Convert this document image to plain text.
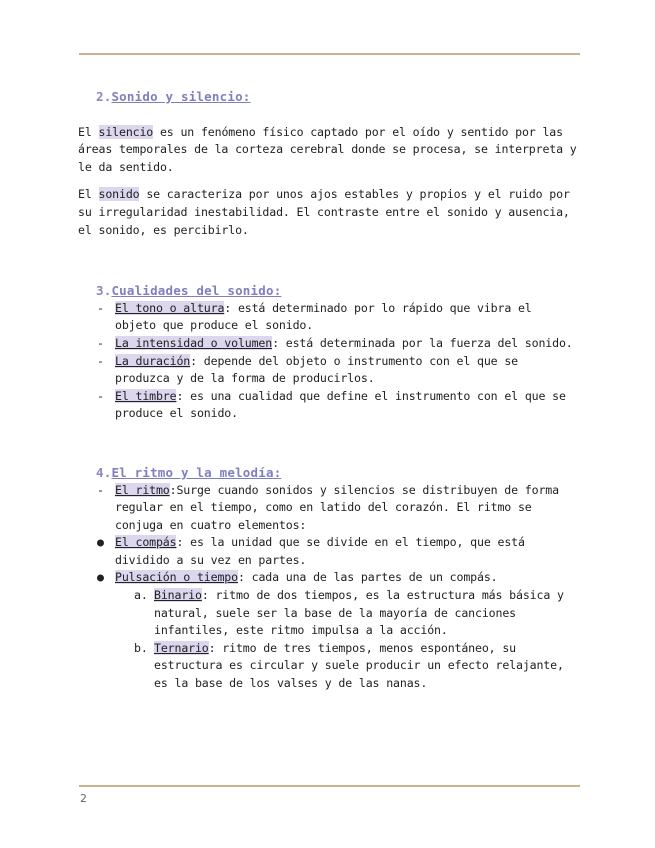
2.Sonido y silencio:

El silencio es un fenómeno físico captado por el oído y sentido por las áreas temporales de la corteza cerebral donde se procesa, se interpreta y le da sentido.

El sonido se caracteriza por unos ajos estables y propios y el ruido por su irregularidad inestabilidad. El contraste entre el sonido y ausencia, el sonido, es percibirlo.

3.Cualidades del sonido:
- El tono o altura: está determinado por lo rápido que vibra el objeto que produce el sonido.
- La intensidad o volumen: está determinada por la fuerza del sonido.
- La duración: depende del objeto o instrumento con el que se produzca y de la forma de producirlos.
- El timbre: es una cualidad que define el instrumento con el que se produce el sonido.
4.El ritmo y la melodía:
- El ritmo:Surge cuando sonidos y silencios se distribuyen de forma regular en el tiempo, como en latido del corazón. El ritmo se conjuga en cuatro elementos:
● El compás: es la unidad que se divide en el tiempo, que está dividido a su vez en partes.
● Pulsación o tiempo: cada una de las partes de un compás.
a. Binario: ritmo de dos tiempos, es la estructura más básica y natural, suele ser la base de la mayoría de canciones infantiles, este ritmo impulsa a la acción.
b. Ternario: ritmo de tres tiempos, menos espontáneo, su estructura es circular y suele producir un efecto relajante, es la base de los valses y de las nanas.
2
